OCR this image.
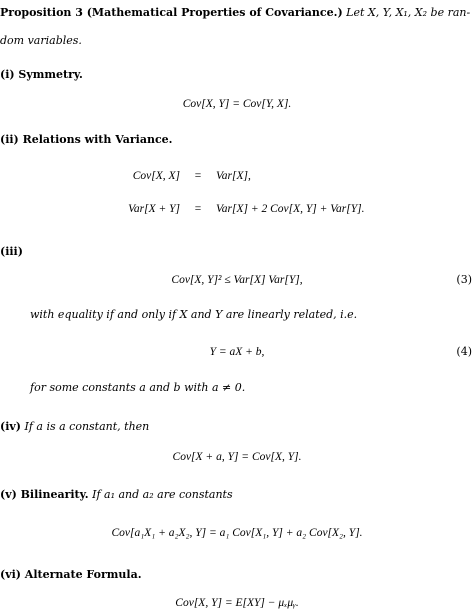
Proposition 3 (Mathematical Properties of Covariance.) Let X, Y, X₁, X₂ be ran-
dom variables.
(i) Symmetry.
Cov[X, Y] = Cov[Y, X].
(ii) Relations with Variance.
Cov[X, X]	=	Var[X],
Var[X + Y]	=	Var[X] + 2 Cov[X, Y] + Var[Y].
(iii)
Cov[X, Y]² ≤ Var[X] Var[Y],	(3)
with equality if and only if X and Y are linearly related, i.e.
Y = aX + b,	(4)
for some constants a and b with a ≠ 0.
(iv) If a is a constant, then
Cov[X + a, Y] = Cov[X, Y].
(v) Bilinearity. If a₁ and a₂ are constants
Cov[a₁X₁ + a₂X₂, Y] = a₁ Cov[X₁, Y] + a₂ Cov[X₂, Y].
(vi) Alternate Formula.
Cov[X, Y] = E[XY] − μₓμᵧ.
